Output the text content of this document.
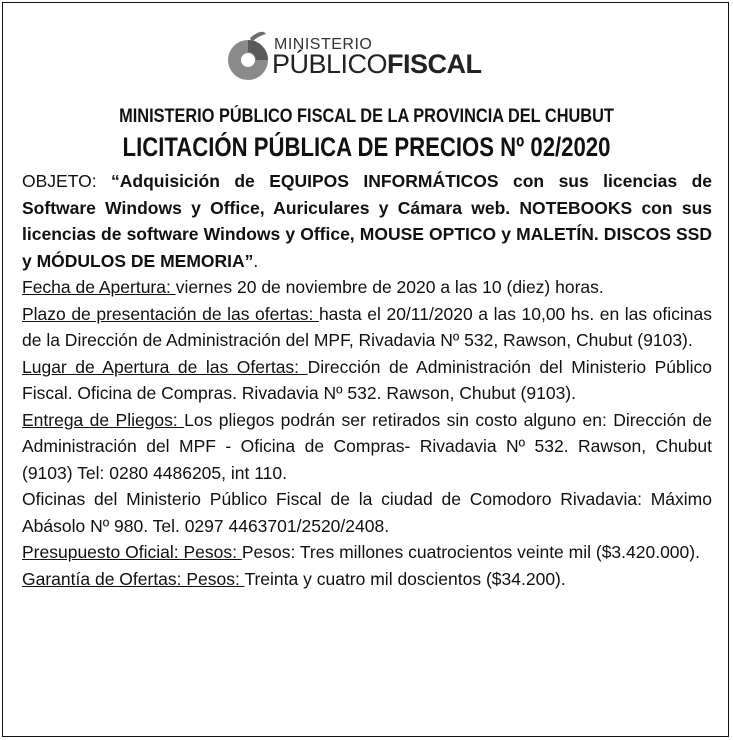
MINISTERIO
PÚBLICOFISCAL
MINISTERIO PÚBLICO FISCAL DE LA PROVINCIA DEL CHUBUT
LICITACIÓN PÚBLICA DE PRECIOS Nº 02/2020

OBJETO: “Adquisición de EQUIPOS INFORMÁTICOS con sus licencias de Software Windows y Office, Auriculares y Cámara web. NOTEBOOKS con sus licencias de software Windows y Office, MOUSE OPTICO y MALETÍN. DISCOS SSD y MÓDULOS DE MEMORIA”.

Fecha de Apertura: viernes 20 de noviembre de 2020 a las 10 (diez) horas.

Plazo de presentación de las ofertas: hasta el 20/11/2020 a las 10,00 hs. en las oficinas de la Dirección de Administración del MPF, Rivadavia Nº 532, Rawson, Chubut (9103).

Lugar de Apertura de las Ofertas: Dirección de Administración del Ministerio Público Fiscal. Oficina de Compras. Rivadavia Nº 532. Rawson, Chubut (9103).

Entrega de Pliegos: Los pliegos podrán ser retirados sin costo alguno en: Dirección de Administración del MPF - Oficina de Compras- Rivadavia Nº 532. Rawson, Chubut (9103) Tel: 0280 4486205, int 110.

Oficinas del Ministerio Público Fiscal de la ciudad de Comodoro Rivadavia: Máximo Abásolo Nº 980. Tel. 0297 4463701/2520/2408.

Presupuesto Oficial: Pesos: Pesos: Tres millones cuatrocientos veinte mil ($3.420.000).

Garantía de Ofertas: Pesos: Treinta y cuatro mil doscientos ($34.200).
